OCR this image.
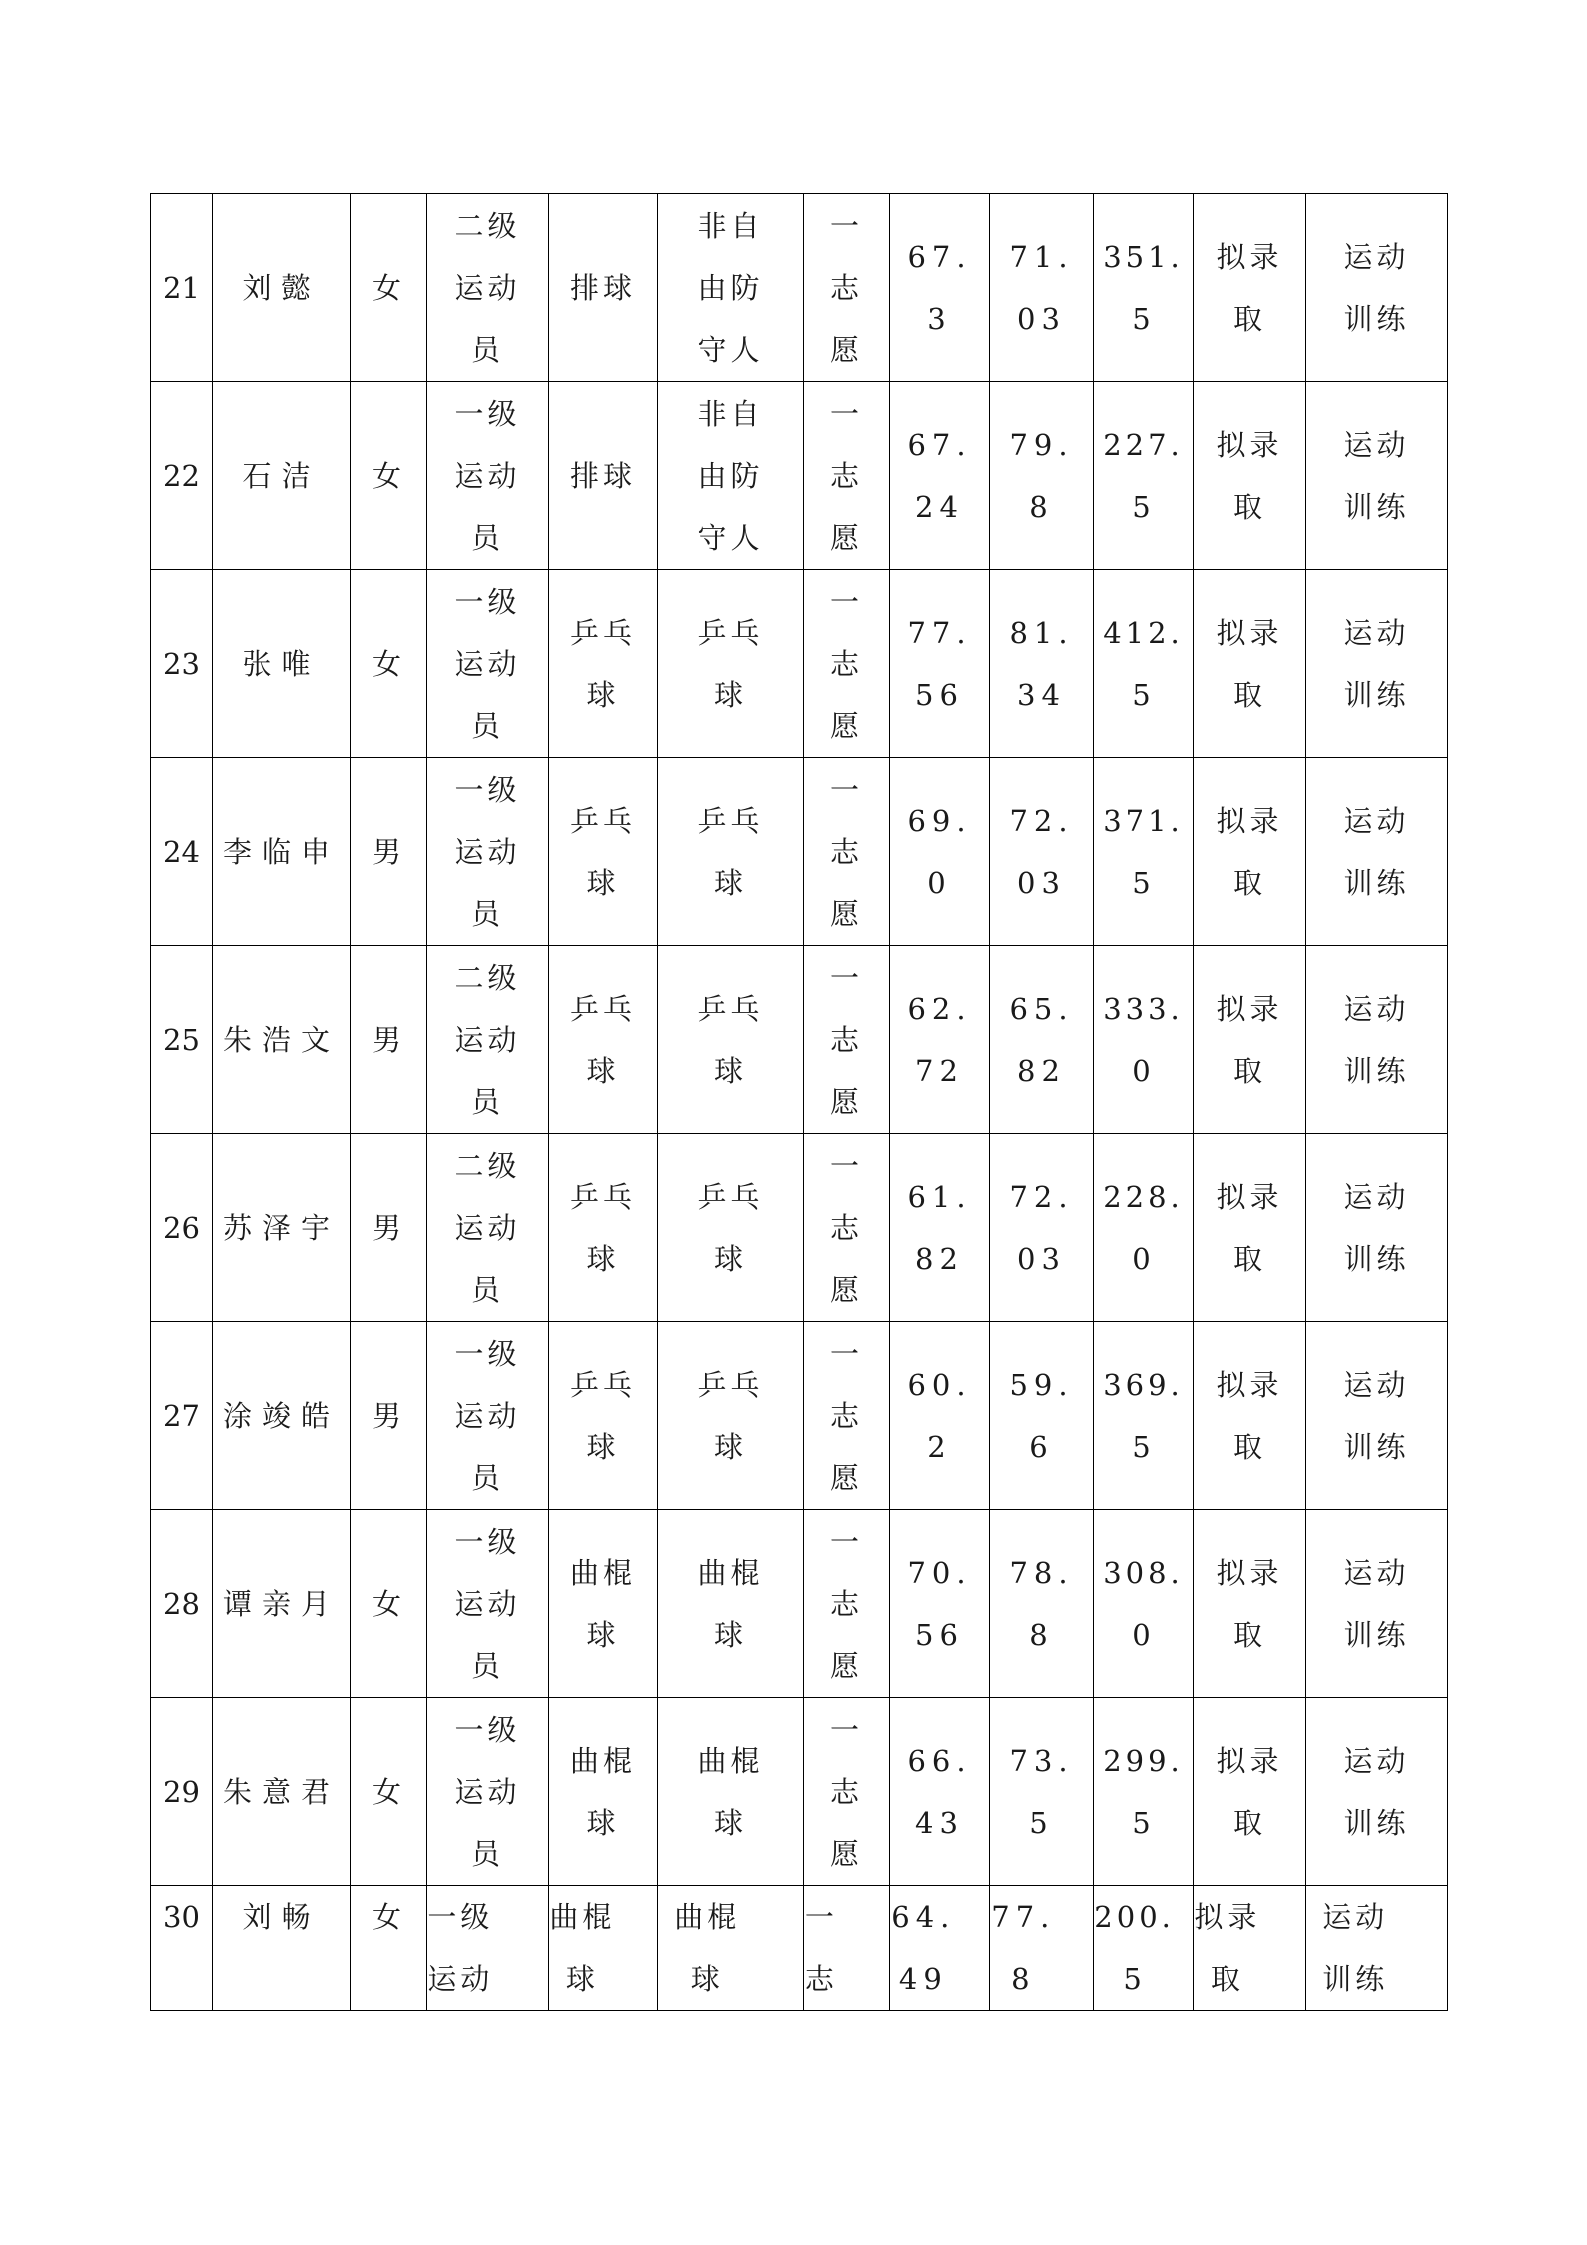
21	刘懿	女	二级运动员	排球	非自由防守人	一志愿	67.3	71.03	351.5	拟录取	运动训练
22	石洁	女	一级运动员	排球	非自由防守人	一志愿	67.24	79.8	227.5	拟录取	运动训练
23	张唯	女	一级运动员	乒乓球	乒乓球	一志愿	77.56	81.34	412.5	拟录取	运动训练
24	李临申	男	一级运动员	乒乓球	乒乓球	一志愿	69.0	72.03	371.5	拟录取	运动训练
25	朱浩文	男	二级运动员	乒乓球	乒乓球	一志愿	62.72	65.82	333.0	拟录取	运动训练
26	苏泽宇	男	二级运动员	乒乓球	乒乓球	一志愿	61.82	72.03	228.0	拟录取	运动训练
27	涂竣皓	男	一级运动员	乒乓球	乒乓球	一志愿	60.2	59.6	369.5	拟录取	运动训练
28	谭亲月	女	一级运动员	曲棍球	曲棍球	一志愿	70.56	78.8	308.0	拟录取	运动训练
29	朱意君	女	一级运动员	曲棍球	曲棍球	一志愿	66.43	73.5	299.5	拟录取	运动训练

30	刘畅	女	一级运动	曲棍球	曲棍球	一志	64.49	77.8	200.5	拟录取	运动训练
